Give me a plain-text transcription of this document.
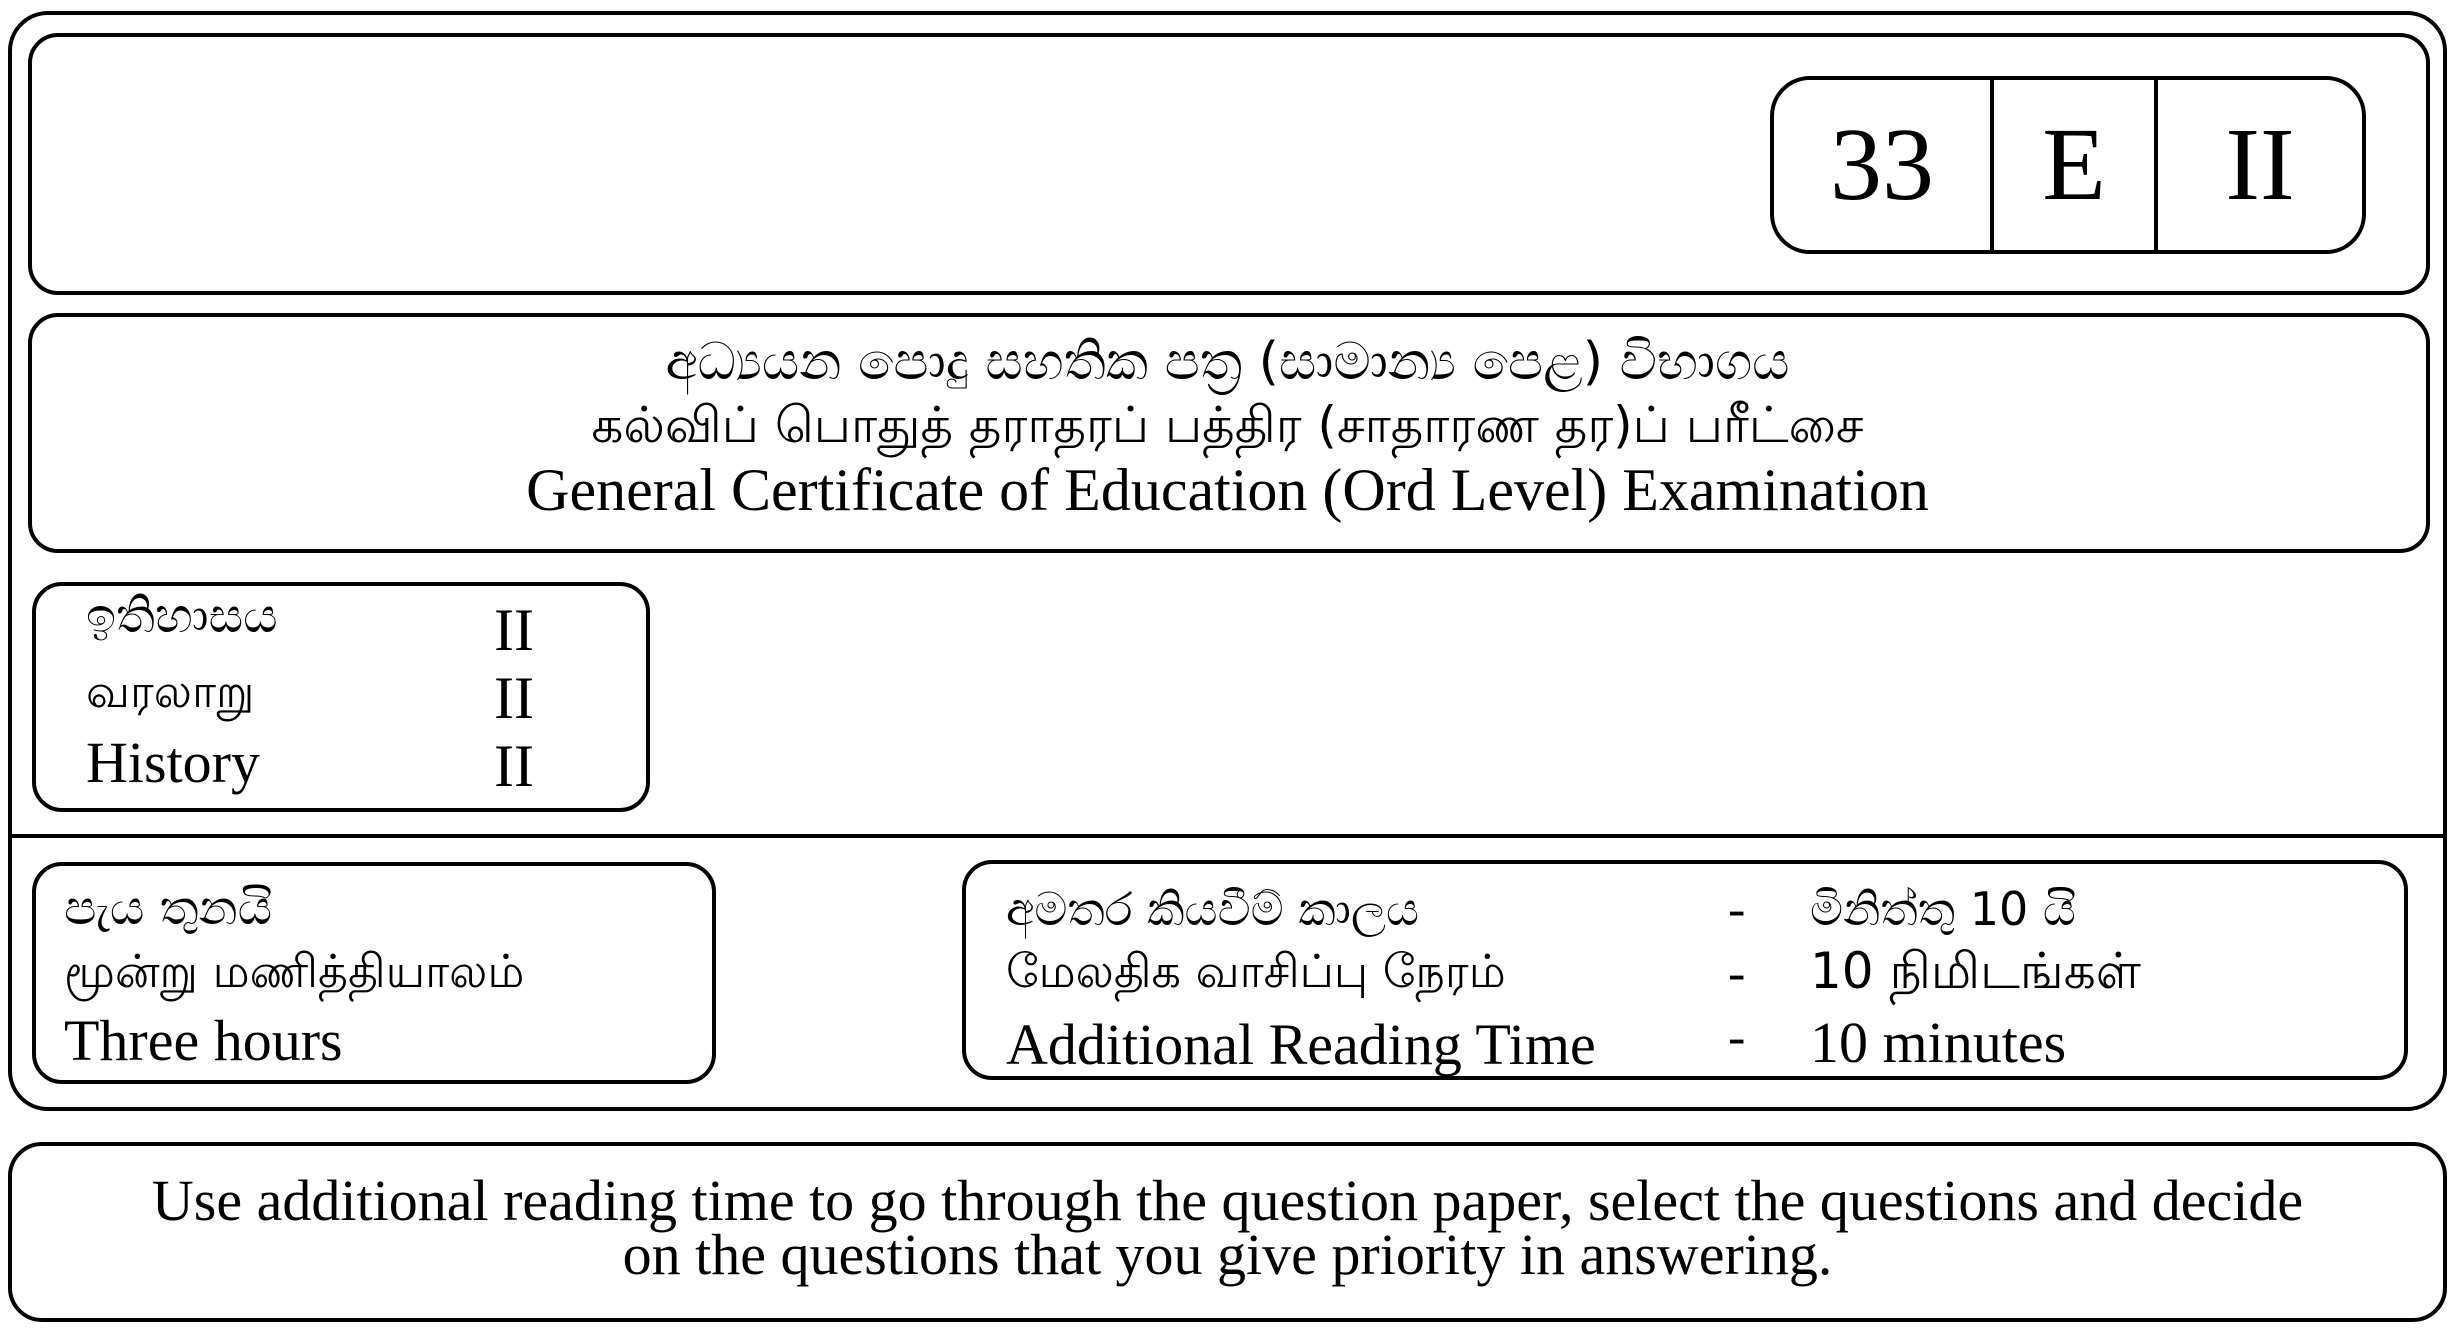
33	E	II
අධ්‍යයන පොදු සහතික පත්‍ර (සාමාන්‍ය පෙළ) විභාගය
கல்விப் பொதுத் தராதரப் பத்திர (சாதாரண தர)ப் பரீட்சை
General Certificate of Education (Ord Level) Examination
ඉතිහාසය
வரலாறு
History
II
II
II
පැය තුනයි
மூன்று மணித்தியாலம்
Three hours
අමතර කියවීම් කාලය
மேலதிக வாசிப்பு நேரம்
Additional Reading Time
-
-
-
මිනිත්තු 10 යි
10 நிமிடங்கள்
10 minutes
Use additional reading time to go through the question paper, select the questions and decide
on the questions that you give priority in answering.
